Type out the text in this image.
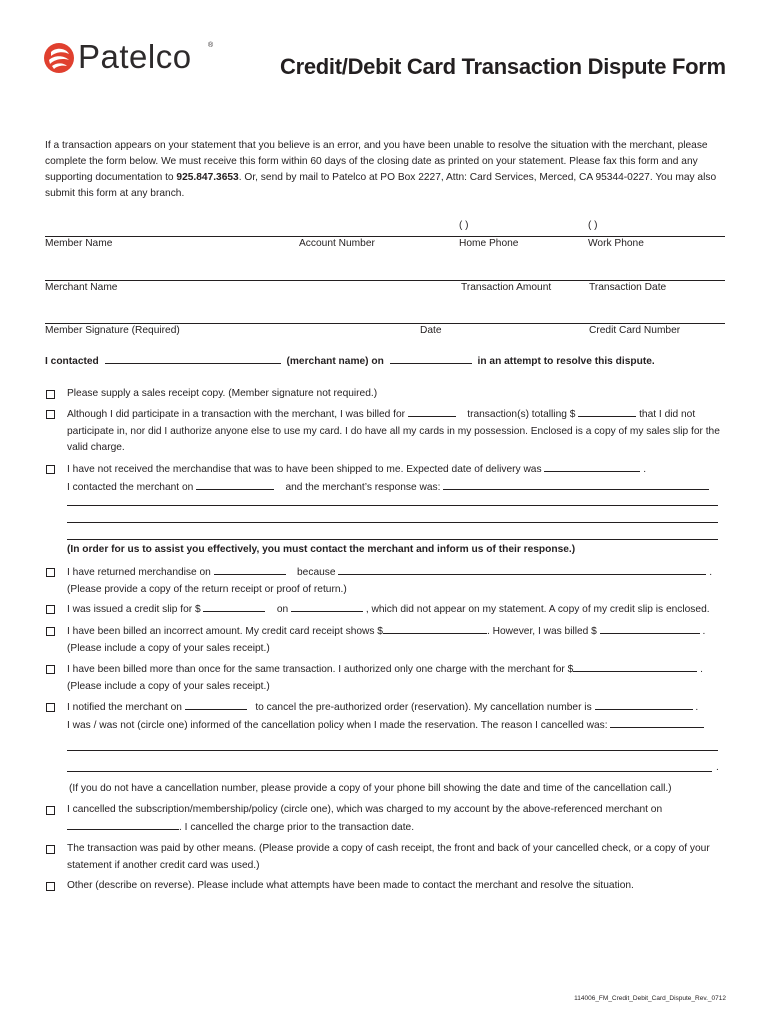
Patelco ®
Credit/Debit Card Transaction Dispute Form
If a transaction appears on your statement that you believe is an error, and you have been unable to resolve the situation with the merchant, please complete the form below. We must receive this form within 60 days of the closing date as printed on your statement. Please fax this form and any supporting documentation to 925.847.3653. Or, send by mail to Patelco at PO Box 2227, Attn: Card Services, Merced, CA 95344-0227. You may also submit this form at any branch.
( )	( )
Member Name	Account Number	Home Phone	Work Phone
Merchant Name	Transaction Amount	Transaction Date
Member Signature (Required)	Date	Credit Card Number
I contacted	(merchant name) on	in an attempt to resolve this dispute.
Please supply a sales receipt copy. (Member signature not required.)
Although I did participate in a transaction with the merchant, I was billed for	transaction(s) totalling $	that I did not participate in, nor did I authorize anyone else to use my card. I do have all my cards in my possession. Enclosed is a copy of my sales slip for the valid charge.
I have not received the merchandise that was to have been shipped to me. Expected date of delivery was	.
I contacted the merchant on	and the merchant’s response was:
(In order for us to assist you effectively, you must contact the merchant and inform us of their response.)
I have returned merchandise on	because	.
(Please provide a copy of the return receipt or proof of return.)
I was issued a credit slip for $	on	, which did not appear on my statement. A copy of my credit slip is enclosed.
I have been billed an incorrect amount. My credit card receipt shows $	. However, I was billed $	.
(Please include a copy of your sales receipt.)
I have been billed more than once for the same transaction. I authorized only one charge with the merchant for $	.
(Please include a copy of your sales receipt.)
I notified the merchant on	to cancel the pre-authorized order (reservation). My cancellation number is	.
I was / was not (circle one) informed of the cancellation policy when I made the reservation. The reason I cancelled was:
.
(If you do not have a cancellation number, please provide a copy of your phone bill showing the date and time of the cancellation call.)
I cancelled the subscription/membership/policy (circle one), which was charged to my account by the above-referenced merchant on
. I cancelled the charge prior to the transaction date.
The transaction was paid by other means. (Please provide a copy of cash receipt, the front and back of your cancelled check, or a copy of your statement if another credit card was used.)
Other (describe on reverse). Please include what attempts have been made to contact the merchant and resolve the situation.
114006_FM_Credit_Debit_Card_Dispute_Rev._0712
